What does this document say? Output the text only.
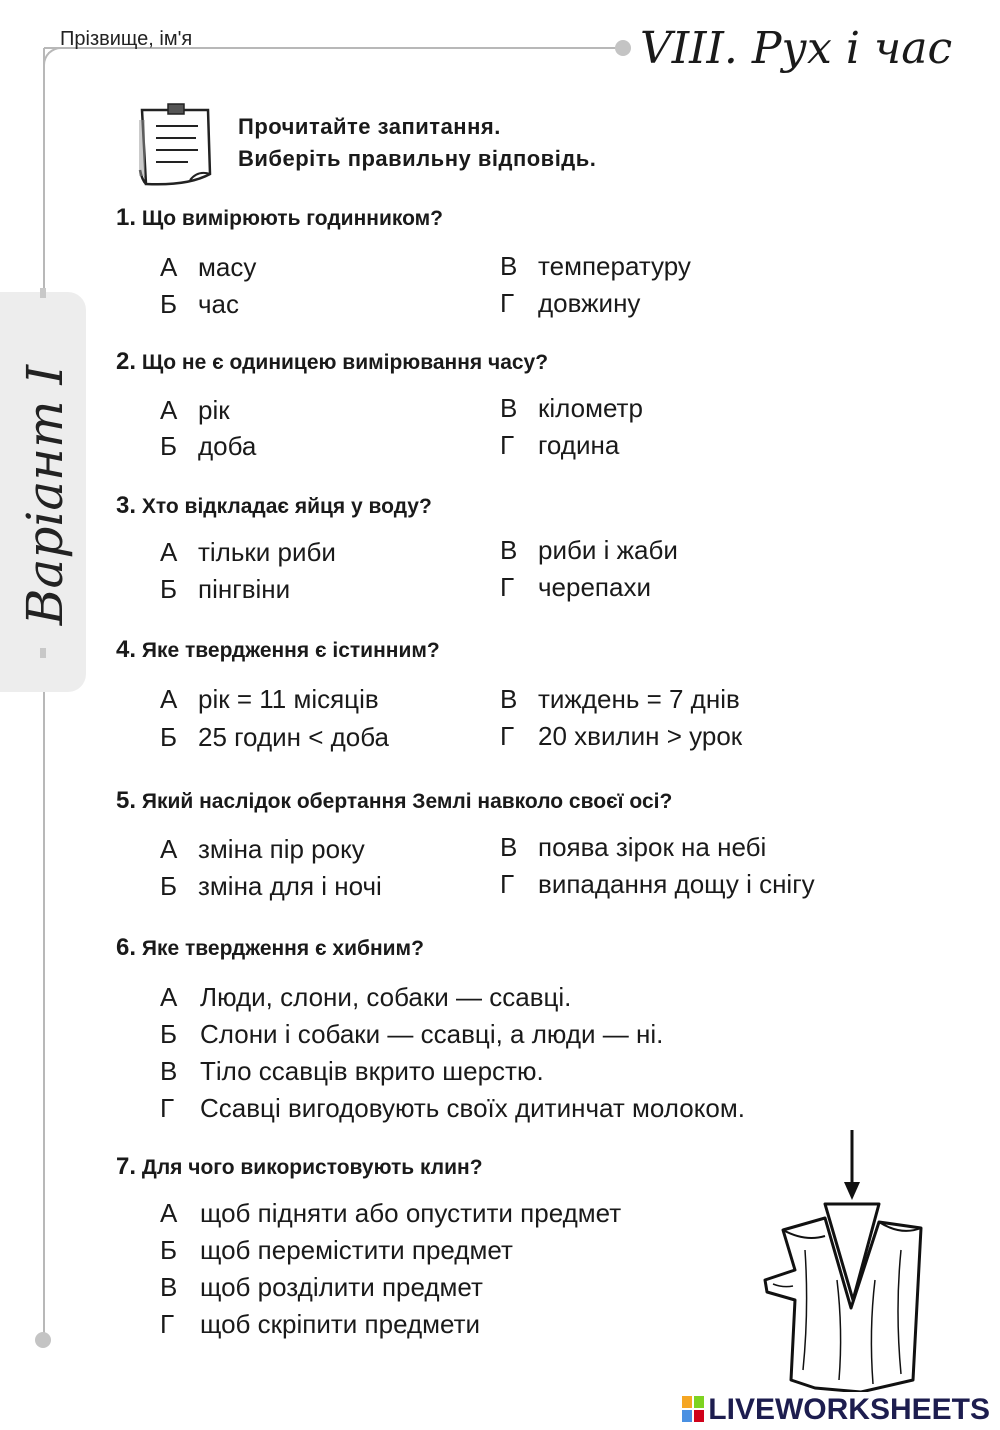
Прізвище, ім'я	VIII. Рух і час
Варіант I
Прочитайте запитання.
Виберіть правильну відповідь.
1. Що вимірюють годинником?
А масу
Б час
В температуру
Г довжину
2. Що не є одиницею вимірювання часу?
А рік
Б доба
В кілометр
Г година
3. Хто відкладає яйця у воду?
А тільки риби
Б пінгвіни
В риби і жаби
Г черепахи
4. Яке твердження є істинним?
А рік = 11 місяців
Б 25 годин < доба
В тиждень = 7 днів
Г 20 хвилин > урок
5. Який наслідок обертання Землі навколо своєї осі?
А зміна пір року
Б зміна для і ночі
В поява зірок на небі
Г випадання дощу і снігу
6. Яке твердження є хибним?
А Люди, слони, собаки — ссавці.
Б Слони і собаки — ссавці, а люди — ні.
В Тіло ссавців вкрито шерстю.
Г Ссавці вигодовують своїх дитинчат молоком.
7. Для чого використовують клин?
А щоб підняти або опустити предмет
Б щоб перемістити предмет
В щоб розділити предмет
Г щоб скріпити предмети
LIVEWORKSHEETS
